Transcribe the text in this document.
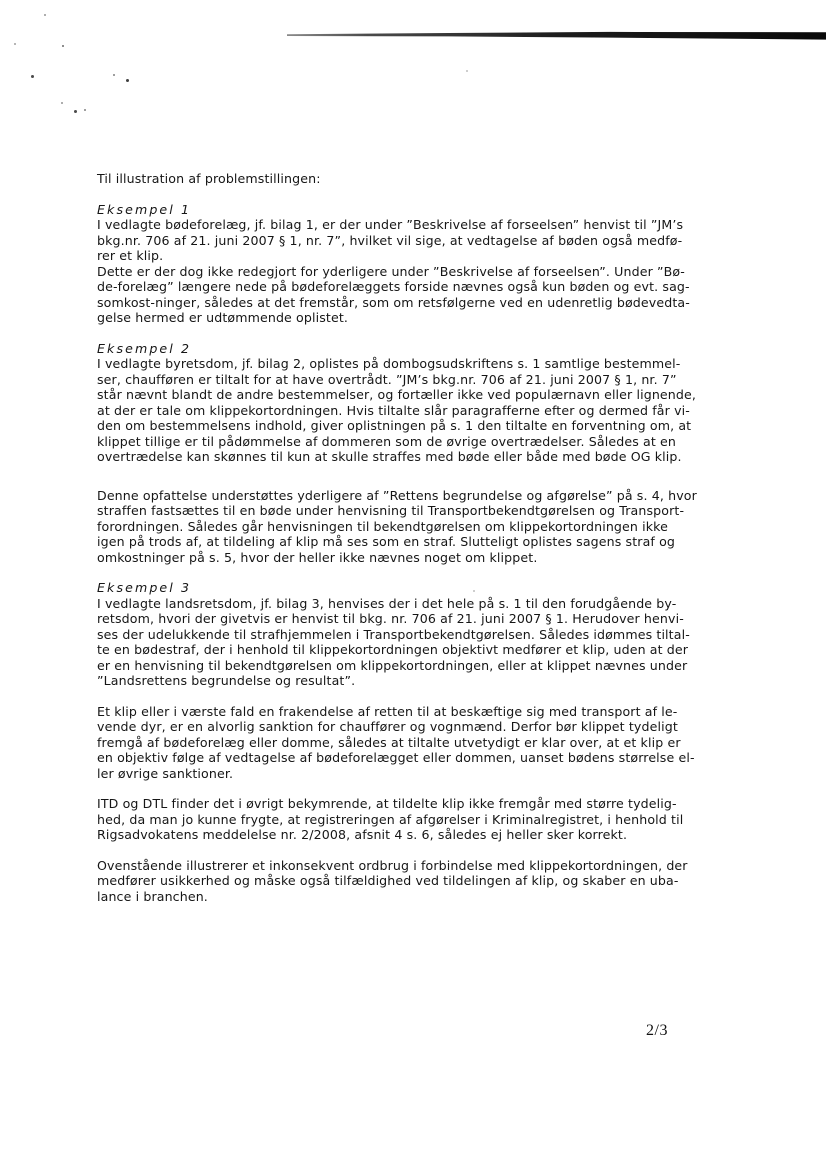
Til illustration af problemstillingen:
Eksempel 1
I vedlagte bødeforelæg, jf. bilag 1, er der under ”Beskrivelse af forseelsen” henvist til ”JM’s
bkg.nr. 706 af 21. juni 2007 § 1, nr. 7”, hvilket vil sige, at vedtagelse af bøden også medfø-
rer et klip.
Dette er der dog ikke redegjort for yderligere under ”Beskrivelse af forseelsen”. Under ”Bø-
de-forelæg” længere nede på bødeforelæggets forside nævnes også kun bøden og evt. sag-
somkost-ninger, således at det fremstår, som om retsfølgerne ved en udenretlig bødevedta-
gelse hermed er udtømmende oplistet.
Eksempel 2
I vedlagte byretsdom, jf. bilag 2, oplistes på dombogsudskriftens s. 1 samtlige bestemmel-
ser, chaufføren er tiltalt for at have overtrådt. ”JM’s bkg.nr. 706 af 21. juni 2007 § 1, nr. 7”
står nævnt blandt de andre bestemmelser, og fortæller ikke ved populærnavn eller lignende,
at der er tale om klippekortordningen. Hvis tiltalte slår paragrafferne efter og dermed får vi-
den om bestemmelsens indhold, giver oplistningen på s. 1 den tiltalte en forventning om, at
klippet tillige er til pådømmelse af dommeren som de øvrige overtrædelser. Således at en
overtrædelse kan skønnes til kun at skulle straffes med bøde eller både med bøde OG klip.
Denne opfattelse understøttes yderligere af ”Rettens begrundelse og afgørelse” på s. 4, hvor
straffen fastsættes til en bøde under henvisning til Transportbekendtgørelsen og Transport-
forordningen. Således går henvisningen til bekendtgørelsen om klippekortordningen ikke
igen på trods af, at tildeling af klip må ses som en straf. Slutteligt oplistes sagens straf og
omkostninger på s. 5, hvor der heller ikke nævnes noget om klippet.
Eksempel 3
I vedlagte landsretsdom, jf. bilag 3, henvises der i det hele på s. 1 til den forudgående by-
retsdom, hvori der givetvis er henvist til bkg. nr. 706 af 21. juni 2007 § 1. Herudover henvi-
ses der udelukkende til strafhjemmelen i Transportbekendtgørelsen. Således idømmes tiltal-
te en bødestraf, der i henhold til klippekortordningen objektivt medfører et klip, uden at der
er en henvisning til bekendtgørelsen om klippekortordningen, eller at klippet nævnes under
”Landsrettens begrundelse og resultat”.
Et klip eller i værste fald en frakendelse af retten til at beskæftige sig med transport af le-
vende dyr, er en alvorlig sanktion for chauffører og vognmænd. Derfor bør klippet tydeligt
fremgå af bødeforelæg eller domme, således at tiltalte utvetydigt er klar over, at et klip er
en objektiv følge af vedtagelse af bødeforelægget eller dommen, uanset bødens størrelse el-
ler øvrige sanktioner.
ITD og DTL finder det i øvrigt bekymrende, at tildelte klip ikke fremgår med større tydelig-
hed, da man jo kunne frygte, at registreringen af afgørelser i Kriminalregistret, i henhold til
Rigsadvokatens meddelelse nr. 2/2008, afsnit 4 s. 6, således ej heller sker korrekt.
Ovenstående illustrerer et inkonsekvent ordbrug i forbindelse med klippekortordningen, der
medfører usikkerhed og måske også tilfældighed ved tildelingen af klip, og skaber en uba-
lance i branchen.
2/3
